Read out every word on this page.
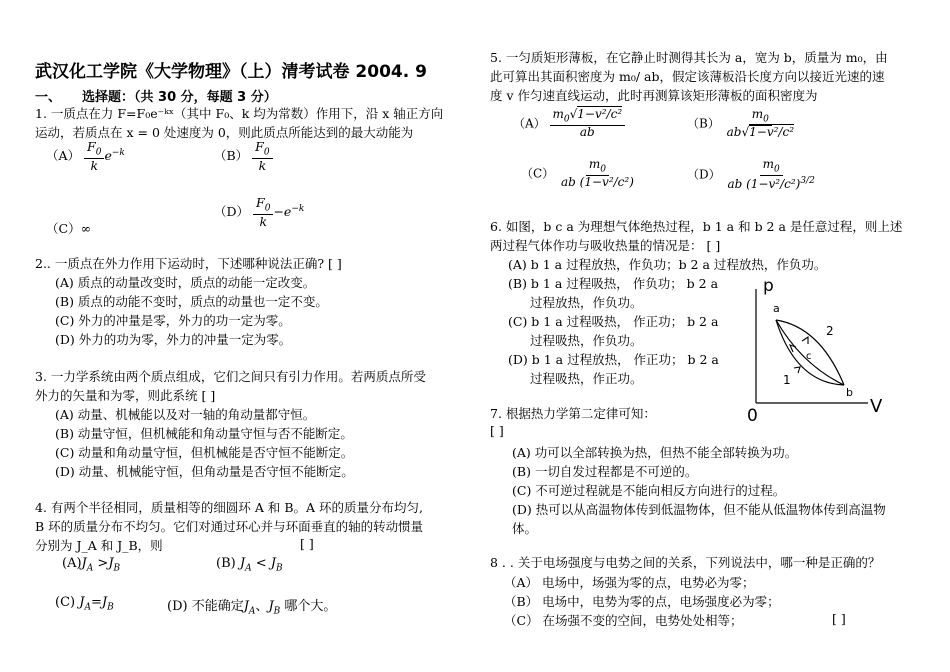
武汉化工学院《大学物理》（上）清考试卷 2004. 9
一、 选择题：（共 30 分，每题 3 分）
1. 一质点在力 F=F₀e⁻ᵏˣ（其中 F₀、k 均为常数）作用下，沿 x 轴正方向
运动，若质点在 x = 0 处速度为 0，则此质点所能达到的最大动能为
$(A) \frac{F_0}{k} e^{-k}$	$(B) \frac{F_0}{k}$
（C）∞
$(D) \frac{F_0}{k} -e^{-k}$
2.. 一质点在外力作用下运动时，下述哪种说法正确? [ ]
(A) 质点的动量改变时，质点的动能一定改变。
(B) 质点的动能不变时，质点的动量也一定不变。
(C) 外力的冲量是零，外力的功一定为零。
(D) 外力的功为零，外力的冲量一定为零。
3. 一力学系统由两个质点组成，它们之间只有引力作用。若两质点所受
外力的矢量和为零，则此系统 [ ]
(A) 动量、机械能以及对一轴的角动量都守恒。
(B) 动量守恒，但机械能和角动量守恒与否不能断定。
(C) 动量和角动量守恒，但机械能是否守恒不能断定。
(D) 动量、机械能守恒，但角动量是否守恒不能断定。
4. 有两个半径相同，质量相等的细圆环 A 和 B。A 环的质量分布均匀,
B 环的质量分布不均匀。它们对通过环心并与环面垂直的轴的转动惯量
分别为 J_A 和 J_B，则	[ ]
$(A)J_A >J_B$	(B) $J_A < J_B$
(C) $J_A=J_B$	(D) 不能确定$J_A$、$J_B$ 哪个大。
5. 一匀质矩形薄板，在它静止时测得其长为 a，宽为 b，质量为 m₀，由
此可算出其面积密度为 m₀/ ab，假定该薄板沿长度方向以接近光速的速
度 v 作匀速直线运动，此时再测算该矩形薄板的面积密度为
$(A) \frac{m_0√1-v^2/c^2}{ab}$	$(B) \frac{m_0}{\text{ab√1−v²/c²}}$
$(C) \frac{m_0}{\text{ab (1−v²/c²)}}$	$(D) \frac{m_0}{ab (1-v^2/c^2)^{3/2}}$
6. 如图，b c a 为理想气体绝热过程，b 1 a 和 b 2 a 是任意过程，则上述
两过程气体作功与吸收热量的情况是： [ ]
(A) b 1 a 过程放热，作负功；b 2 a 过程放热，作负功。
(B) b 1 a 过程吸热， 作负功； b 2 a
过程放热，作负功。
(C) b 1 a 过程吸热， 作正功； b 2 a
过程吸热，作负功。
(D) b 1 a 过程放热， 作正功； b 2 a
过程吸热，作正功。
p
V
0
a
b
c
2
1
7. 根据热力学第二定律可知：
[ ]
(A) 功可以全部转换为热，但热不能全部转换为功。
(B) 一切自发过程都是不可逆的。
(C) 不可逆过程就是不能向相反方向进行的过程。
(D) 热可以从高温物体传到低温物体，但不能从低温物体传到高温物
体。
8 . . 关于电场强度与电势之间的关系，下列说法中，哪一种是正确的？
（A） 电场中，场强为零的点，电势必为零；
（B） 电场中，电势为零的点，电场强度必为零；
（C） 在场强不变的空间，电势处处相等；	[ ]
